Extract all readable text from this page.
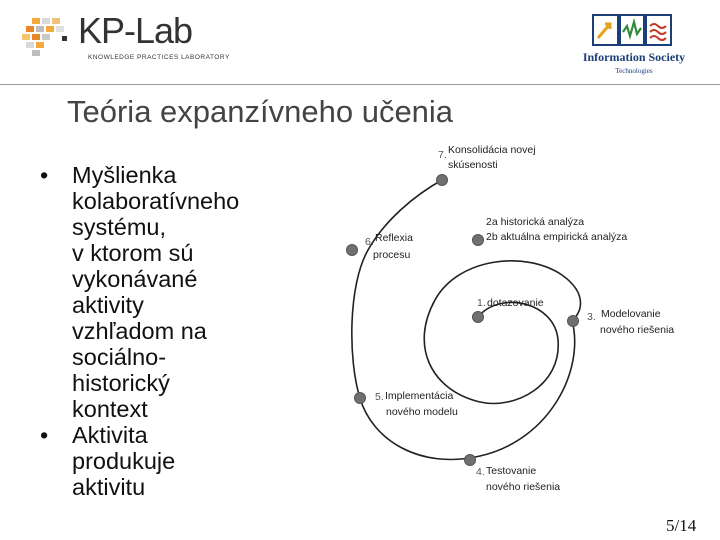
KP-Lab
KNOWLEDGE PRACTICES LABORATORY	Information Society
Technologies
Teória expanzívneho učenia
•	Myšlienka
kolaboratívneho
systému,
v ktorom sú
vykonávané
aktivity
vzhľadom na
sociálno-
historický
kontext
•	Aktivita
produkuje
aktivitu
1. dotazovanie
2a historická analýza
2b aktuálna empirická analýza
3. Modelovanie
nového riešenia
4. Testovanie
nového riešenia
5. Implementácia
nového modelu
6. Reflexia
procesu
7. Konsolidácia novej
skúsenosti
5/14
